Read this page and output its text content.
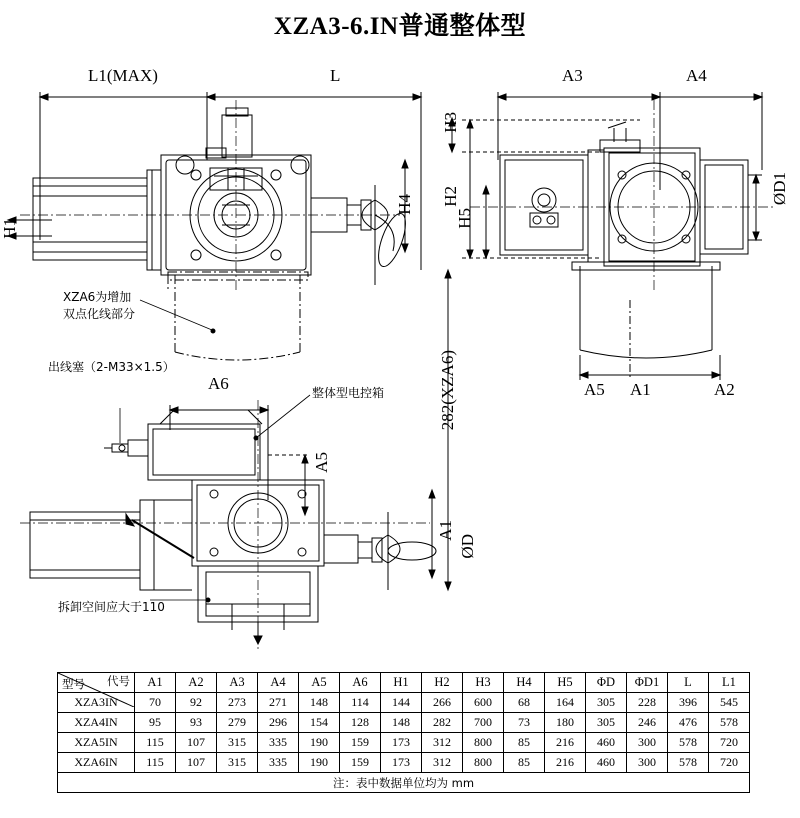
XZA3-6.IN普通整体型
L1(MAX)	L
H4
H1
XZA6为增加
双点化线部分
A3	A4
H3
H2
H5
ØD1
A5 A1	A2
A6
A5
A1
ØD
282(XZA6)
出线塞（2-M33×1.5）
整体型电控箱
拆卸空间应大于110
代号
型号	A1	A2	A3	A4	A5	A6	H1	H2	H3	H4	H5	ΦD	ΦD1	L	L1
XZA3IN	70	92	273	271	148	114	144	266	600	68	164	305	228	396	545
XZA4IN	95	93	279	296	154	128	148	282	700	73	180	305	246	476	578
XZA5IN	115	107	315	335	190	159	173	312	800	85	216	460	300	578	720
XZA6IN	115	107	315	335	190	159	173	312	800	85	216	460	300	578	720
注：表中数据单位均为 mm															
